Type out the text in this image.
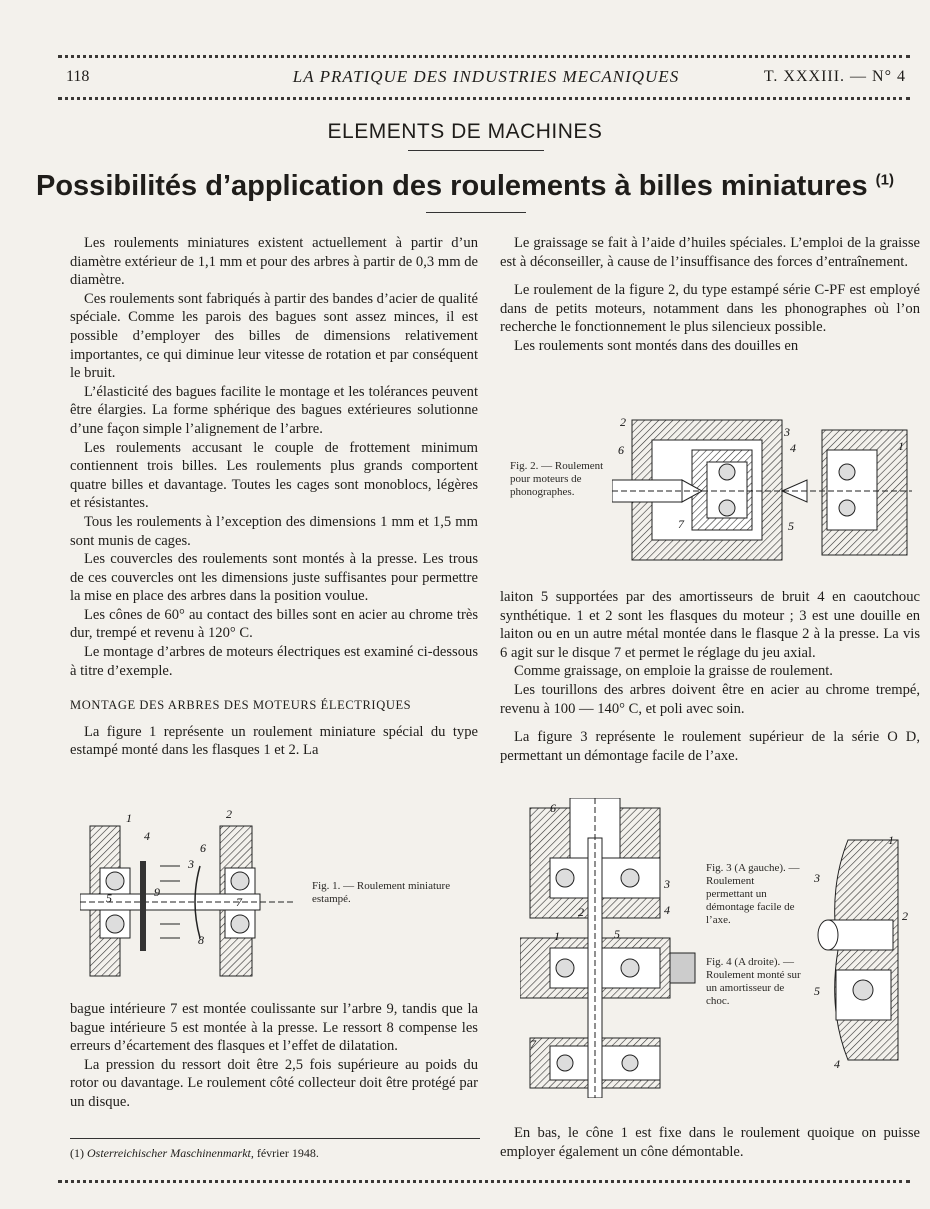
118	LA PRATIQUE DES INDUSTRIES MECANIQUES	T. XXXIII. — N° 4
ELEMENTS DE MACHINES
Possibilités d’application des roulements à billes miniatures $^{(1)}$

Les roulements miniatures existent actuellement à partir d’un diamètre extérieur de 1,1 mm et pour des arbres à partir de 0,3 mm de diamètre.

Ces roulements sont fabriqués à partir des bandes d’acier de qualité spéciale. Comme les parois des bagues sont assez minces, il est possible d’employer des billes de dimensions relativement importantes, ce qui diminue leur vitesse de rotation et par conséquent le bruit.

L’élasticité des bagues facilite le montage et les tolérances peuvent être élargies. La forme sphérique des bagues extérieures solutionne d’une façon simple l’alignement de l’arbre.

Les roulements accusant le couple de frottement minimum contiennent trois billes. Les roulements plus grands comportent quatre billes et davantage. Toutes les cages sont monoblocs, légères et résistantes.

Tous les roulements à l’exception des dimensions 1 mm et 1,5 mm sont munis de cages.

Les couvercles des roulements sont montés à la presse. Les trous de ces couvercles ont les dimensions juste suffisantes pour permettre la mise en place des arbres dans la position voulue.

Les cônes de 60° au contact des billes sont en acier au chrome très dur, trempé et revenu à 120° C.

Le montage d’arbres de moteurs électriques est examiné ci-dessous à titre d’exemple.

MONTAGE DES ARBRES DES MOTEURS ÉLECTRIQUES

La figure 1 représente un roulement miniature spécial du type estampé monté dans les flasques 1 et 2. La

1	2
3
4
5
6
7
8
9	Fig. 1. — Roulement miniature estampé.

bague intérieure 7 est montée coulissante sur l’arbre 9, tandis que la bague intérieure 5 est montée à la presse. Le ressort 8 compense les erreurs d’écartement des flasques et l’effet de dilatation.

La pression du ressort doit être 2,5 fois supérieure au poids du rotor ou davantage. Le roulement côté collecteur doit être protégé par un disque.

(1) Osterreichischer Maschinenmarkt, février 1948.

Le graissage se fait à l’aide d’huiles spéciales. L’emploi de la graisse est à déconseiller, à cause de l’insuffisance des forces d’entraînement.

Le roulement de la figure 2, du type estampé série C-PF est employé dans de petits moteurs, notamment dans les phonographes où l’on recherche le fonctionnement le plus silencieux possible.

Les roulements sont montés dans des douilles en

Fig. 2. — Roulement pour moteurs de phonographes.
1
2
3
4
5
6
7

laiton 5 supportées par des amortisseurs de bruit 4 en caoutchouc synthétique. 1 et 2 sont les flasques du moteur ; 3 est une douille en laiton ou en un autre métal montée dans le flasque 2 à la presse. La vis 6 agit sur le disque 7 et permet le réglage du jeu axial.

Comme graissage, on emploie la graisse de roulement.

Les tourillons des arbres doivent être en acier au chrome trempé, revenu à 100 — 140° C, et poli avec soin.

La figure 3 représente le roulement supérieur de la série O D, permettant un démontage facile de l’axe.

1
2
3
4
5
6
7
Fig. 3 (A gauche). — Roulement permettant un démontage facile de l’axe.
Fig. 4 (A droite). — Roulement monté sur un amortisseur de choc.
1
2
3
4
5

En bas, le cône 1 est fixe dans le roulement quoique on puisse employer également un cône démontable.
